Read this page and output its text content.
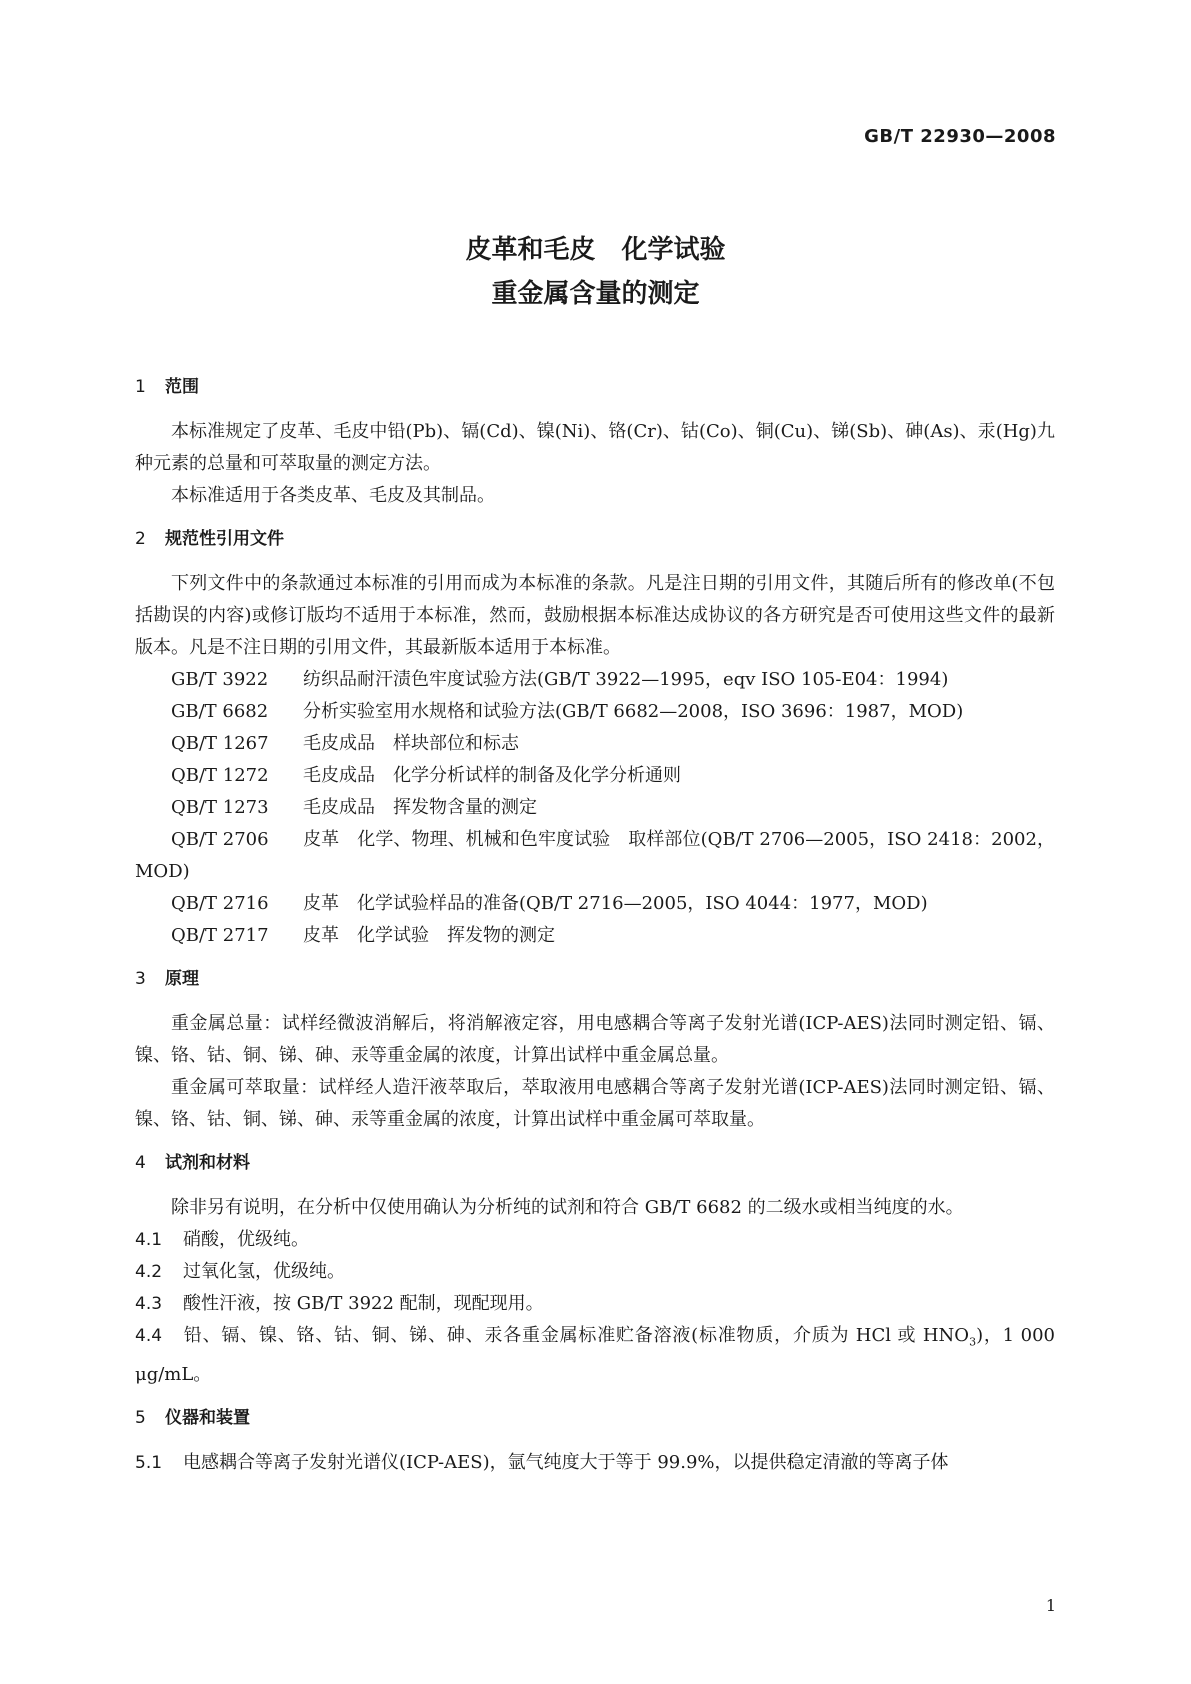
GB/T 22930—2008
皮革和毛皮　化学试验
重金属含量的测定
1 范围
本标准规定了皮革、毛皮中铅(Pb)、镉(Cd)、镍(Ni)、铬(Cr)、钴(Co)、铜(Cu)、锑(Sb)、砷(As)、汞(Hg)九种元素的总量和可萃取量的测定方法。
本标准适用于各类皮革、毛皮及其制品。
2 规范性引用文件
下列文件中的条款通过本标准的引用而成为本标准的条款。凡是注日期的引用文件，其随后所有的修改单(不包括勘误的内容)或修订版均不适用于本标准，然而，鼓励根据本标准达成协议的各方研究是否可使用这些文件的最新版本。凡是不注日期的引用文件，其最新版本适用于本标准。
GB/T 3922 纺织品耐汗渍色牢度试验方法(GB/T 3922—1995，eqv ISO 105-E04：1994)
GB/T 6682 分析实验室用水规格和试验方法(GB/T 6682—2008，ISO 3696：1987，MOD)
QB/T 1267 毛皮成品　样块部位和标志
QB/T 1272 毛皮成品　化学分析试样的制备及化学分析通则
QB/T 1273 毛皮成品　挥发物含量的测定
QB/T 2706 皮革　化学、物理、机械和色牢度试验　取样部位(QB/T 2706—2005，ISO 2418：2002，MOD)
QB/T 2716 皮革　化学试验样品的准备(QB/T 2716—2005，ISO 4044：1977，MOD)
QB/T 2717 皮革　化学试验　挥发物的测定
3 原理
重金属总量：试样经微波消解后，将消解液定容，用电感耦合等离子发射光谱(ICP-AES)法同时测定铅、镉、镍、铬、钴、铜、锑、砷、汞等重金属的浓度，计算出试样中重金属总量。
重金属可萃取量：试样经人造汗液萃取后，萃取液用电感耦合等离子发射光谱(ICP-AES)法同时测定铅、镉、镍、铬、钴、铜、锑、砷、汞等重金属的浓度，计算出试样中重金属可萃取量。
4 试剂和材料
除非另有说明，在分析中仅使用确认为分析纯的试剂和符合 GB/T 6682 的二级水或相当纯度的水。
4.1 硝酸，优级纯。
4.2 过氧化氢，优级纯。
4.3 酸性汗液，按 GB/T 3922 配制，现配现用。
4.4 铅、镉、镍、铬、钴、铜、锑、砷、汞各重金属标准贮备溶液(标准物质，介质为 HCl 或 $HNO_3$)，1 000 μg/mL。
5 仪器和装置
5.1 电感耦合等离子发射光谱仪(ICP-AES)，氩气纯度大于等于 99.9%，以提供稳定清澈的等离子体
1
